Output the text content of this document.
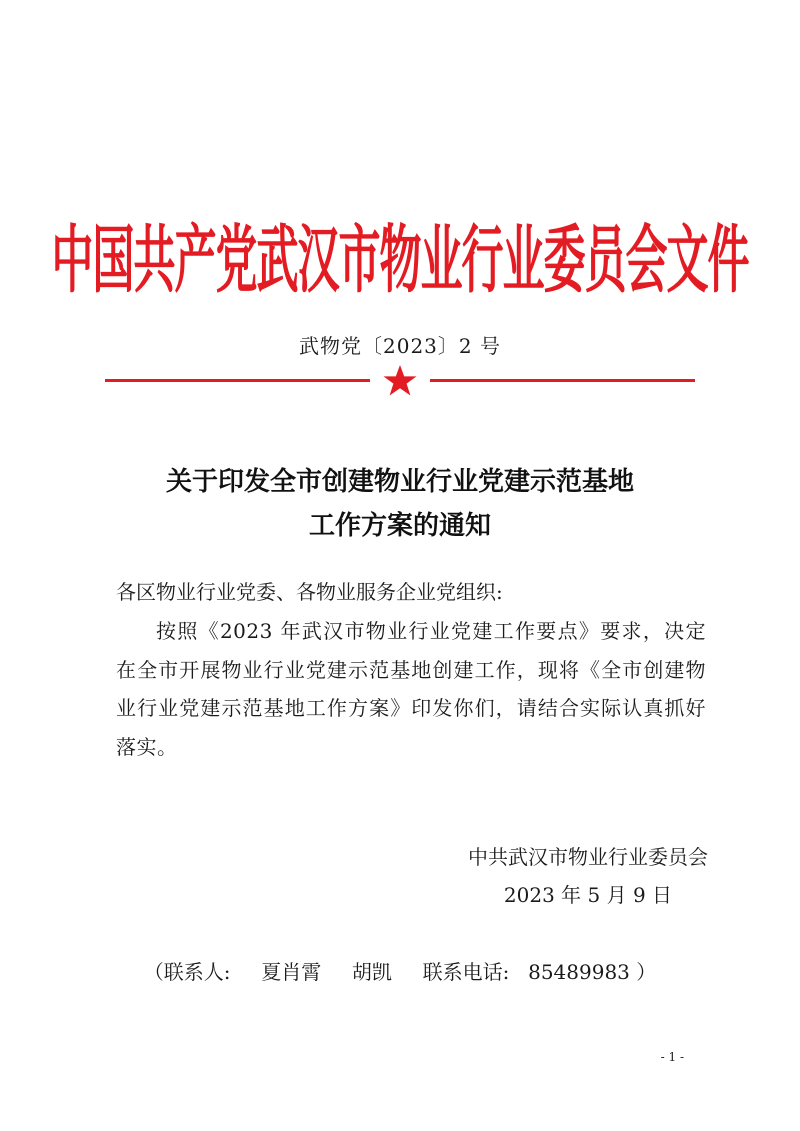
中国共产党武汉市物业行业委员会文件
武物党〔2023〕2 号
关于印发全市创建物业行业党建示范基地
工作方案的通知
各区物业行业党委、各物业服务企业党组织:
按照《2023 年武汉市物业行业党建工作要点》要求，决定在全市开展物业行业党建示范基地创建工作，现将《全市创建物业行业党建示范基地工作方案》印发你们，请结合实际认真抓好落实。
中共武汉市物业行业委员会
2023 年 5 月 9 日
（联系人: 夏肖霄 胡凯 联系电话: 85489983 ）
- 1 -
